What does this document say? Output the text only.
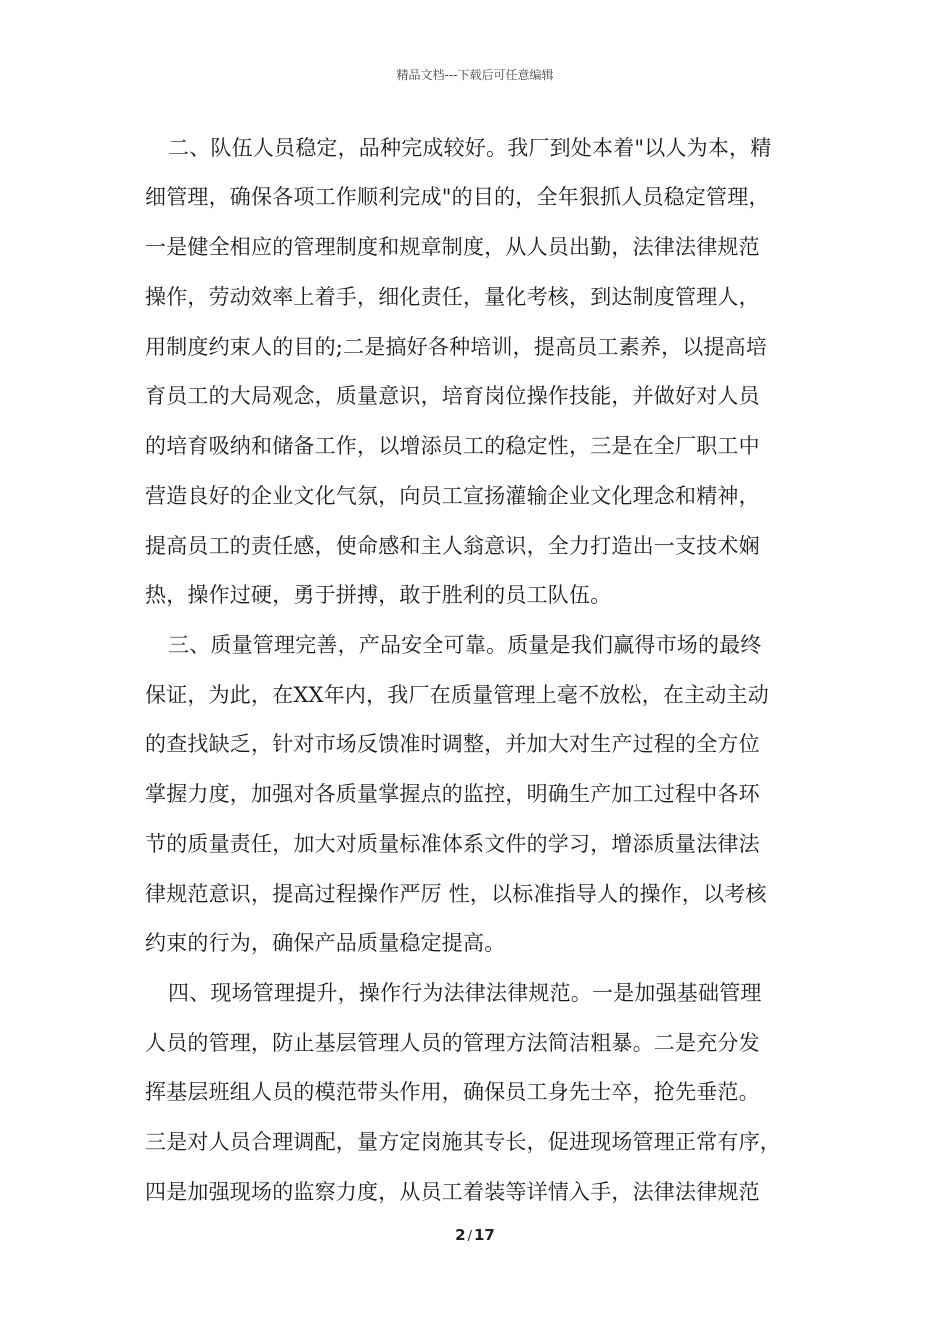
精品文档---下载后可任意编辑
二、队伍人员稳定，品种完成较好。我厂到处本着"以人为本，精
细管理，确保各项工作顺利完成"的目的，全年狠抓人员稳定管理，
一是健全相应的管理制度和规章制度，从人员出勤，法律法律规范
操作，劳动效率上着手，细化责任，量化考核，到达制度管理人，
用制度约束人的目的;二是搞好各种培训，提高员工素养，以提高培
育员工的大局观念，质量意识，培育岗位操作技能，并做好对人员
的培育吸纳和储备工作，以增添员工的稳定性，三是在全厂职工中
营造良好的企业文化气氛，向员工宣扬灌输企业文化理念和精神，
提高员工的责任感，使命感和主人翁意识，全力打造出一支技术娴
热，操作过硬，勇于拼搏，敢于胜利的员工队伍。
三、质量管理完善，产品安全可靠。质量是我们赢得市场的最终
保证，为此，在XX年内，我厂在质量管理上毫不放松，在主动主动
的查找缺乏，针对市场反馈准时调整，并加大对生产过程的全方位
掌握力度，加强对各质量掌握点的监控，明确生产加工过程中各环
节的质量责任，加大对质量标准体系文件的学习，增添质量法律法
律规范意识，提高过程操作严厉 性，以标准指导人的操作，以考核
约束的行为，确保产品质量稳定提高。
四、现场管理提升，操作行为法律法律规范。一是加强基础管理
人员的管理，防止基层管理人员的管理方法简洁粗暴。二是充分发
挥基层班组人员的模范带头作用，确保员工身先士卒，抢先垂范。
三是对人员合理调配，量方定岗施其专长，促进现场管理正常有序，
四是加强现场的监察力度，从员工着装等详情入手，法律法律规范
2 / 17
